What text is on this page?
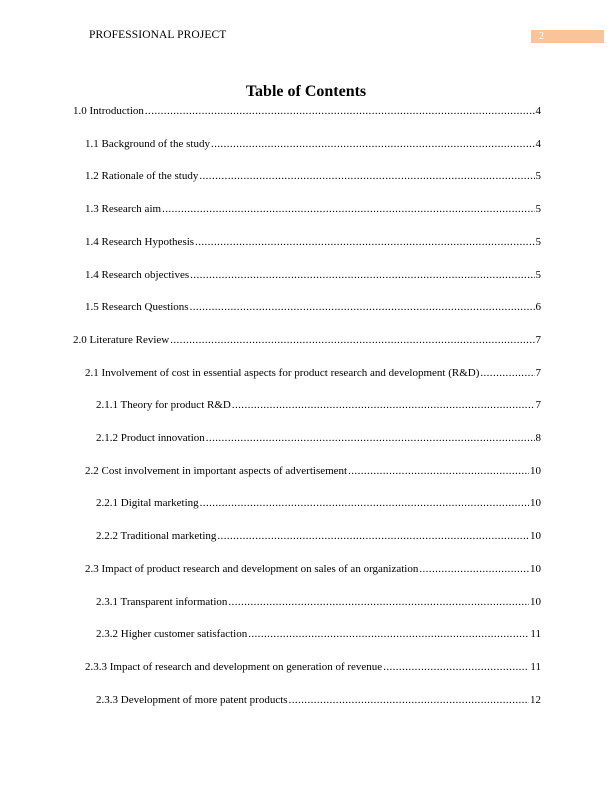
PROFESSIONAL PROJECT	2
Table of Contents
1.0 Introduction .....	4
1.1 Background of the study .....	4
1.2 Rationale of the study .....	5
1.3 Research aim .....	5
1.4 Research Hypothesis .....	5
1.4 Research objectives .....	5
1.5 Research Questions .....	6
2.0 Literature Review .....	7
2.1 Involvement of cost in essential aspects for product research and development (R&D) .....	7
2.1.1 Theory for product R&D .....	7
2.1.2 Product innovation .....	8
2.2 Cost involvement in important aspects of advertisement .....	10
2.2.1 Digital marketing .....	10
2.2.2 Traditional marketing .....	10
2.3 Impact of product research and development on sales of an organization .....	10
2.3.1 Transparent information .....	10
2.3.2 Higher customer satisfaction .....	11
2.3.3 Impact of research and development on generation of revenue .....	11
2.3.3 Development of more patent products .....	12
